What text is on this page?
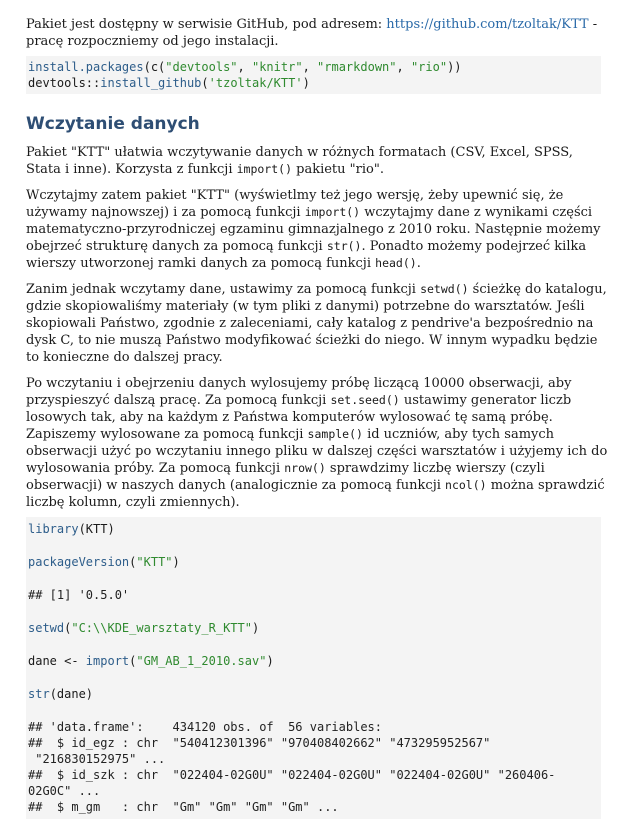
Pakiet jest dostępny w serwisie GitHub, pod adresem: https://github.com/tzoltak/KTT - pracę rozpoczniemy od jego instalacji.

install.packages(c("devtools", "knitr", "rmarkdown", "rio"))
devtools::install_github('tzoltak/KTT')
Wczytanie danych

Pakiet "KTT" ułatwia wczytywanie danych w różnych formatach (CSV, Excel, SPSS, Stata i inne). Korzysta z funkcji import() pakietu "rio".

Wczytajmy zatem pakiet "KTT" (wyświetlmy też jego wersję, żeby upewnić się, że używamy najnowszej) i za pomocą funkcji import() wczytajmy dane z wynikami części matematyczno-przyrodniczej egzaminu gimnazjalnego z 2010 roku. Następnie możemy obejrzeć strukturę danych za pomocą funkcji str(). Ponadto możemy podejrzeć kilka wierszy utworzonej ramki danych za pomocą funkcji head().

Zanim jednak wczytamy dane, ustawimy za pomocą funkcji setwd() ścieżkę do katalogu, gdzie skopiowaliśmy materiały (w tym pliki z danymi) potrzebne do warsztatów. Jeśli skopiowali Państwo, zgodnie z zaleceniami, cały katalog z pendrive'a bezpośrednio na dysk C, to nie muszą Państwo modyfikować ścieżki do niego. W innym wypadku będzie to konieczne do dalszej pracy.

Po wczytaniu i obejrzeniu danych wylosujemy próbę liczącą 10000 obserwacji, aby przyspieszyć dalszą pracę. Za pomocą funkcji set.seed() ustawimy generator liczb losowych tak, aby na każdym z Państwa komputerów wylosować tę samą próbę. Zapiszemy wylosowane za pomocą funkcji sample() id uczniów, aby tych samych obserwacji użyć po wczytaniu innego pliku w dalszej części warsztatów i użyjemy ich do wylosowania próby. Za pomocą funkcji nrow() sprawdzimy liczbę wierszy (czyli obserwacji) w naszych danych (analogicznie za pomocą funkcji ncol() można sprawdzić liczbę kolumn, czyli zmiennych).

library(KTT)
packageVersion("KTT")
## [1] '0.5.0'
setwd("C:\\KDE_warsztaty_R_KTT")
dane <- import("GM_AB_1_2010.sav")
str(dane)
## 'data.frame':    434120 obs. of  56 variables:
##  $ id_egz : chr  "540412301396" "970408402662" "473295952567"
"216830152975" ...
##  $ id_szk : chr  "022404-02G0U" "022404-02G0U" "022404-02G0U" "260406-
02G0C" ...
##  $ m_gm   : chr  "Gm" "Gm" "Gm" "Gm" ...
